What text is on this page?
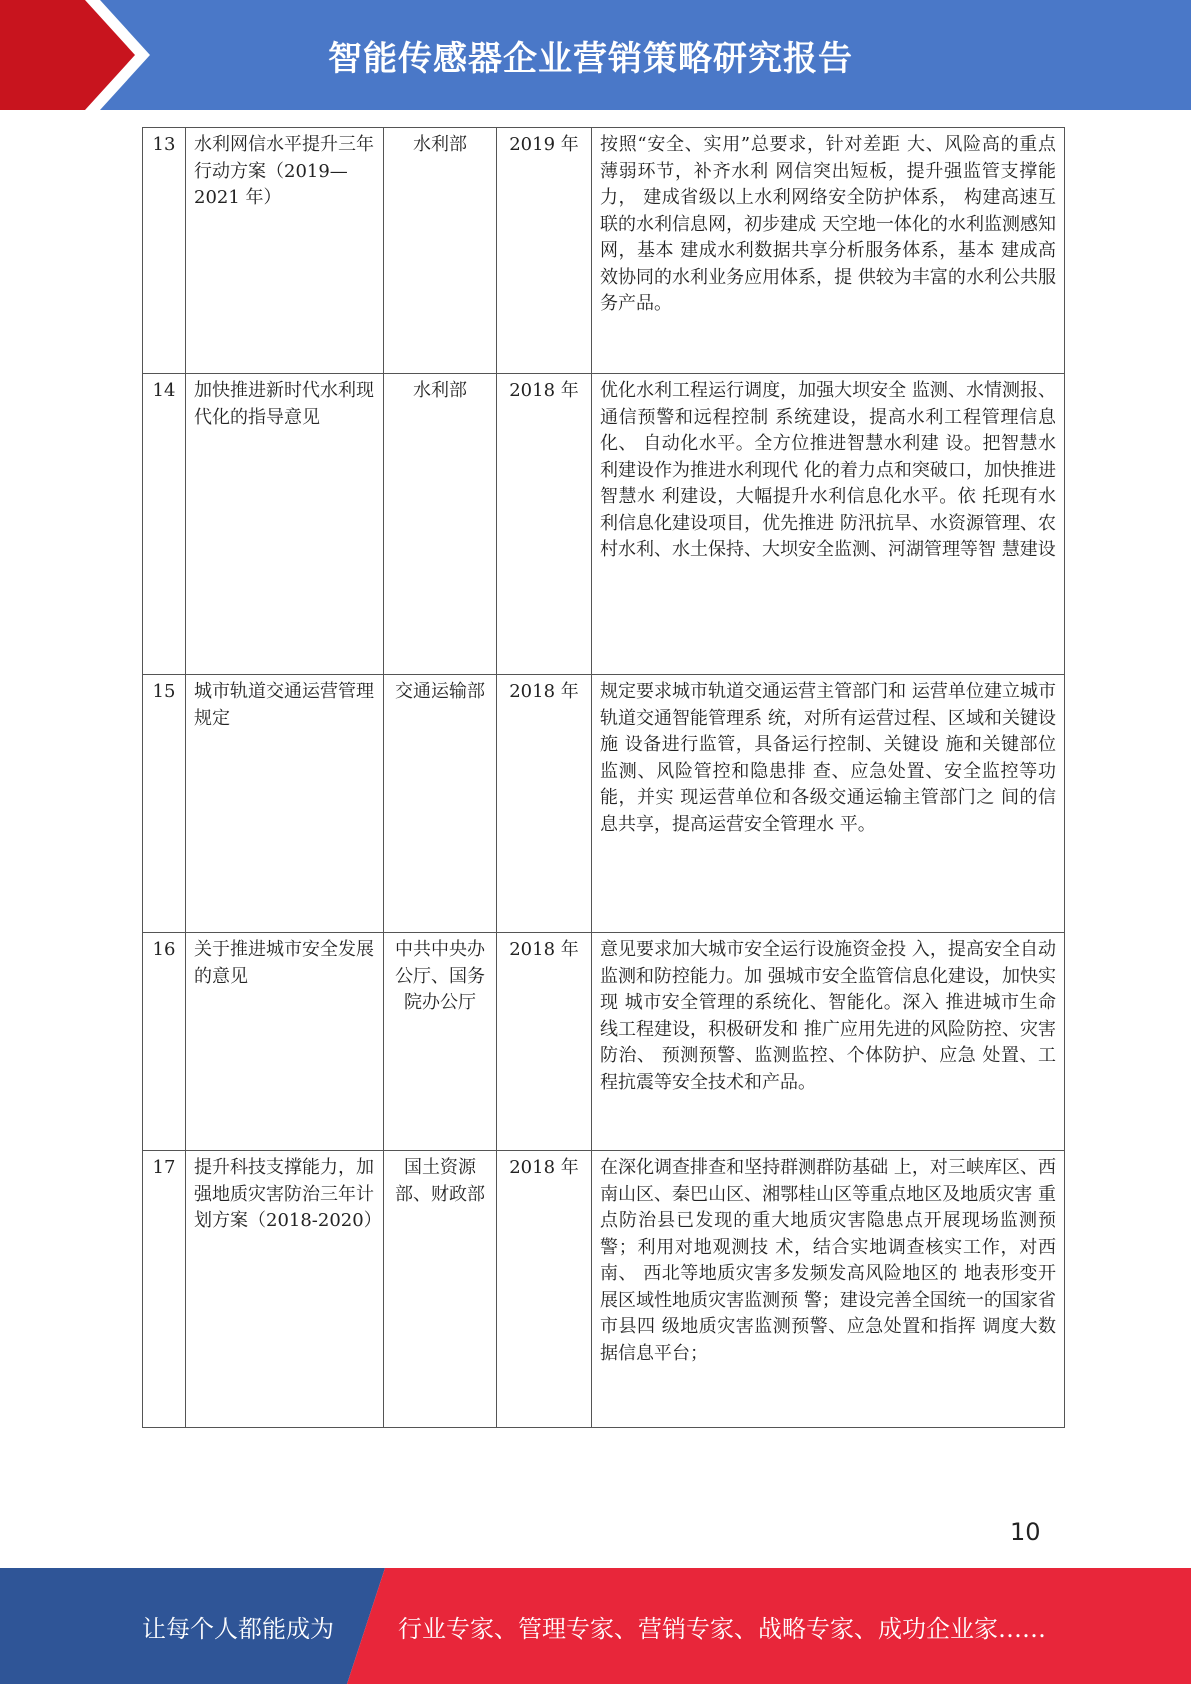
智能传感器企业营销策略研究报告
13	水利网信水平提升三年行动方案（2019—2021 年）	水利部	2019 年	按照“安全、实用”总要求，针对差距 大、风险高的重点薄弱环节，补齐水利 网信突出短板，提升强监管支撑能力， 建成省级以上水利网络安全防护体系， 构建高速互联的水利信息网，初步建成 天空地一体化的水利监测感知网，基本 建成水利数据共享分析服务体系，基本 建成高效协同的水利业务应用体系，提 供较为丰富的水利公共服务产品。
14	加快推进新时代水利现代化的指导意见	水利部	2018 年	优化水利工程运行调度，加强大坝安全 监测、水情测报、通信预警和远程控制 系统建设，提高水利工程管理信息化、 自动化水平。全方位推进智慧水利建 设。把智慧水利建设作为推进水利现代 化的着力点和突破口，加快推进智慧水 利建设，大幅提升水利信息化水平。依 托现有水利信息化建设项目，优先推进 防汛抗旱、水资源管理、农村水利、水土保持、大坝安全监测、河湖管理等智 慧建设
15	城市轨道交通运营管理规定	交通运输部	2018 年	规定要求城市轨道交通运营主管部门和 运营单位建立城市轨道交通智能管理系 统，对所有运营过程、区域和关键设施 设备进行监管，具备运行控制、关键设 施和关键部位监测、风险管控和隐患排 查、应急处置、安全监控等功能，并实 现运营单位和各级交通运输主管部门之 间的信息共享，提高运营安全管理水 平。
16	关于推进城市安全发展的意见	中共中央办公厅、国务院办公厅	2018 年	意见要求加大城市安全运行设施资金投 入，提高安全自动监测和防控能力。加 强城市安全监管信息化建设，加快实现 城市安全管理的系统化、智能化。深入 推进城市生命线工程建设，积极研发和 推广应用先进的风险防控、灾害防治、 预测预警、监测监控、个体防护、应急 处置、工程抗震等安全技术和产品。
17	提升科技支撑能力，加强地质灾害防治三年计划方案（2018-2020）	国土资源部、财政部	2018 年	在深化调查排查和坚持群测群防基础 上，对三峡库区、西南山区、秦巴山区、湘鄂桂山区等重点地区及地质灾害 重点防治县已发现的重大地质灾害隐患点开展现场监测预警；利用对地观测技 术，结合实地调查核实工作，对西南、 西北等地质灾害多发频发高风险地区的 地表形变开展区域性地质灾害监测预 警；建设完善全国统一的国家省市县四 级地质灾害监测预警、应急处置和指挥 调度大数据信息平台；
10
让每个人都能成为	行业专家、管理专家、营销专家、战略专家、成功企业家……
